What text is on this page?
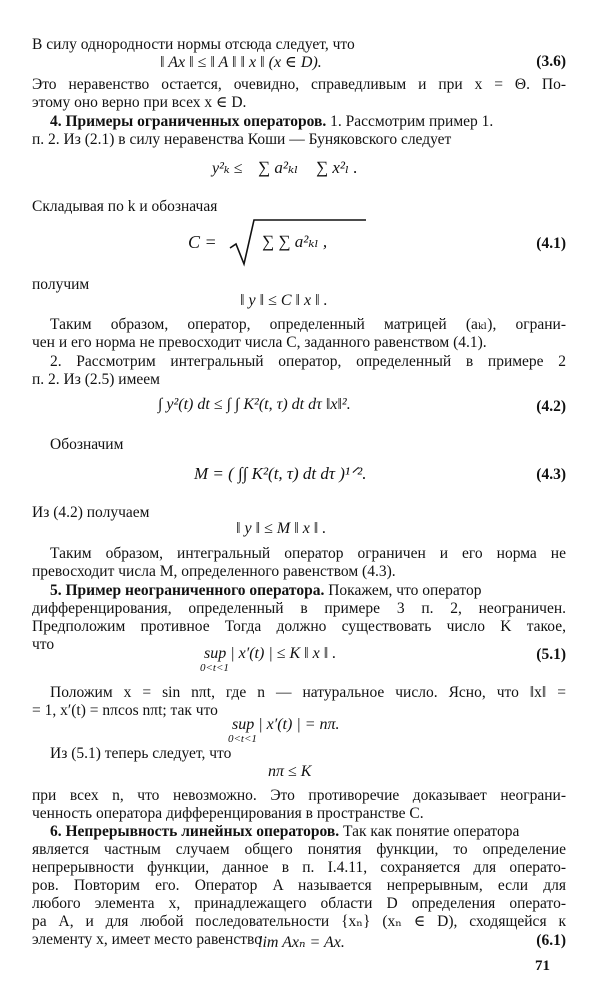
В силу однородности нормы отсюда следует, что
‖ Ax ‖ ≤ ‖ A ‖ ‖ x ‖ (x ∈ D).	(3.6)
Это неравенство остается, очевидно, справедливым и при x = Θ. По-
этому оно верно при всех x ∈ D.
4. Примеры ограниченных операторов. 1. Рассмотрим пример 1.
п. 2. Из (2.1) в силу неравенства Коши — Буняковского следует
y²ₖ ≤ ∑ a²ₖₗ ∑ x²ₗ .
Складывая по k и обозначая
C =	∑ ∑ a²ₖₗ ,	(4.1)
получим
‖ y ‖ ≤ C ‖ x ‖ .
Таким образом, оператор, определенный матрицей (aₖₗ), ограни-
чен и его норма не превосходит числа C, заданного равенством (4.1).
2. Рассмотрим интегральный оператор, определенный в примере 2
п. 2. Из (2.5) имеем
∫ y²(t) dt ≤ ∫ ∫ K²(t, τ) dt dτ ‖x‖².	(4.2)
Обозначим
M = ( ∫∫ K²(t, τ) dt dτ )¹ᐟ².	(4.3)
Из (4.2) получаем
‖ y ‖ ≤ M ‖ x ‖ .
Таким образом, интегральный оператор ограничен и его норма не
превосходит числа M, определенного равенством (4.3).
5. Пример неограниченного оператора. Покажем, что оператор
дифференцирования, определенный в примере 3 п. 2, неограничен.
Предположим противное Тогда должно существовать число K такое,
что
sup | x′(t) | ≤ K ‖ x ‖ .
0<t<1
(5.1)
Положим x = sin nπt, где n — натуральное число. Ясно, что ‖x‖ =
= 1, x′(t) = nπcos nπt; так что
sup | x′(t) | = nπ.
0<t<1
Из (5.1) теперь следует, что
nπ ≤ K
при всех n, что невозможно. Это противоречие доказывает неограни-
ченность оператора дифференцирования в пространстве C.
6. Непрерывность линейных операторов. Так как понятие оператора
является частным случаем общего понятия функции, то определение
непрерывности функции, данное в п. I.4.11, сохраняется для операто-
ров. Повторим его. Оператор A называется непрерывным, если для
любого элемента x, принадлежащего области D определения операто-
ра A, и для любой последовательности {xₙ} (xₙ ∈ D), сходящейся к
элементу x, имеет место равенство
lim Axₙ = Ax.	(6.1)
71
